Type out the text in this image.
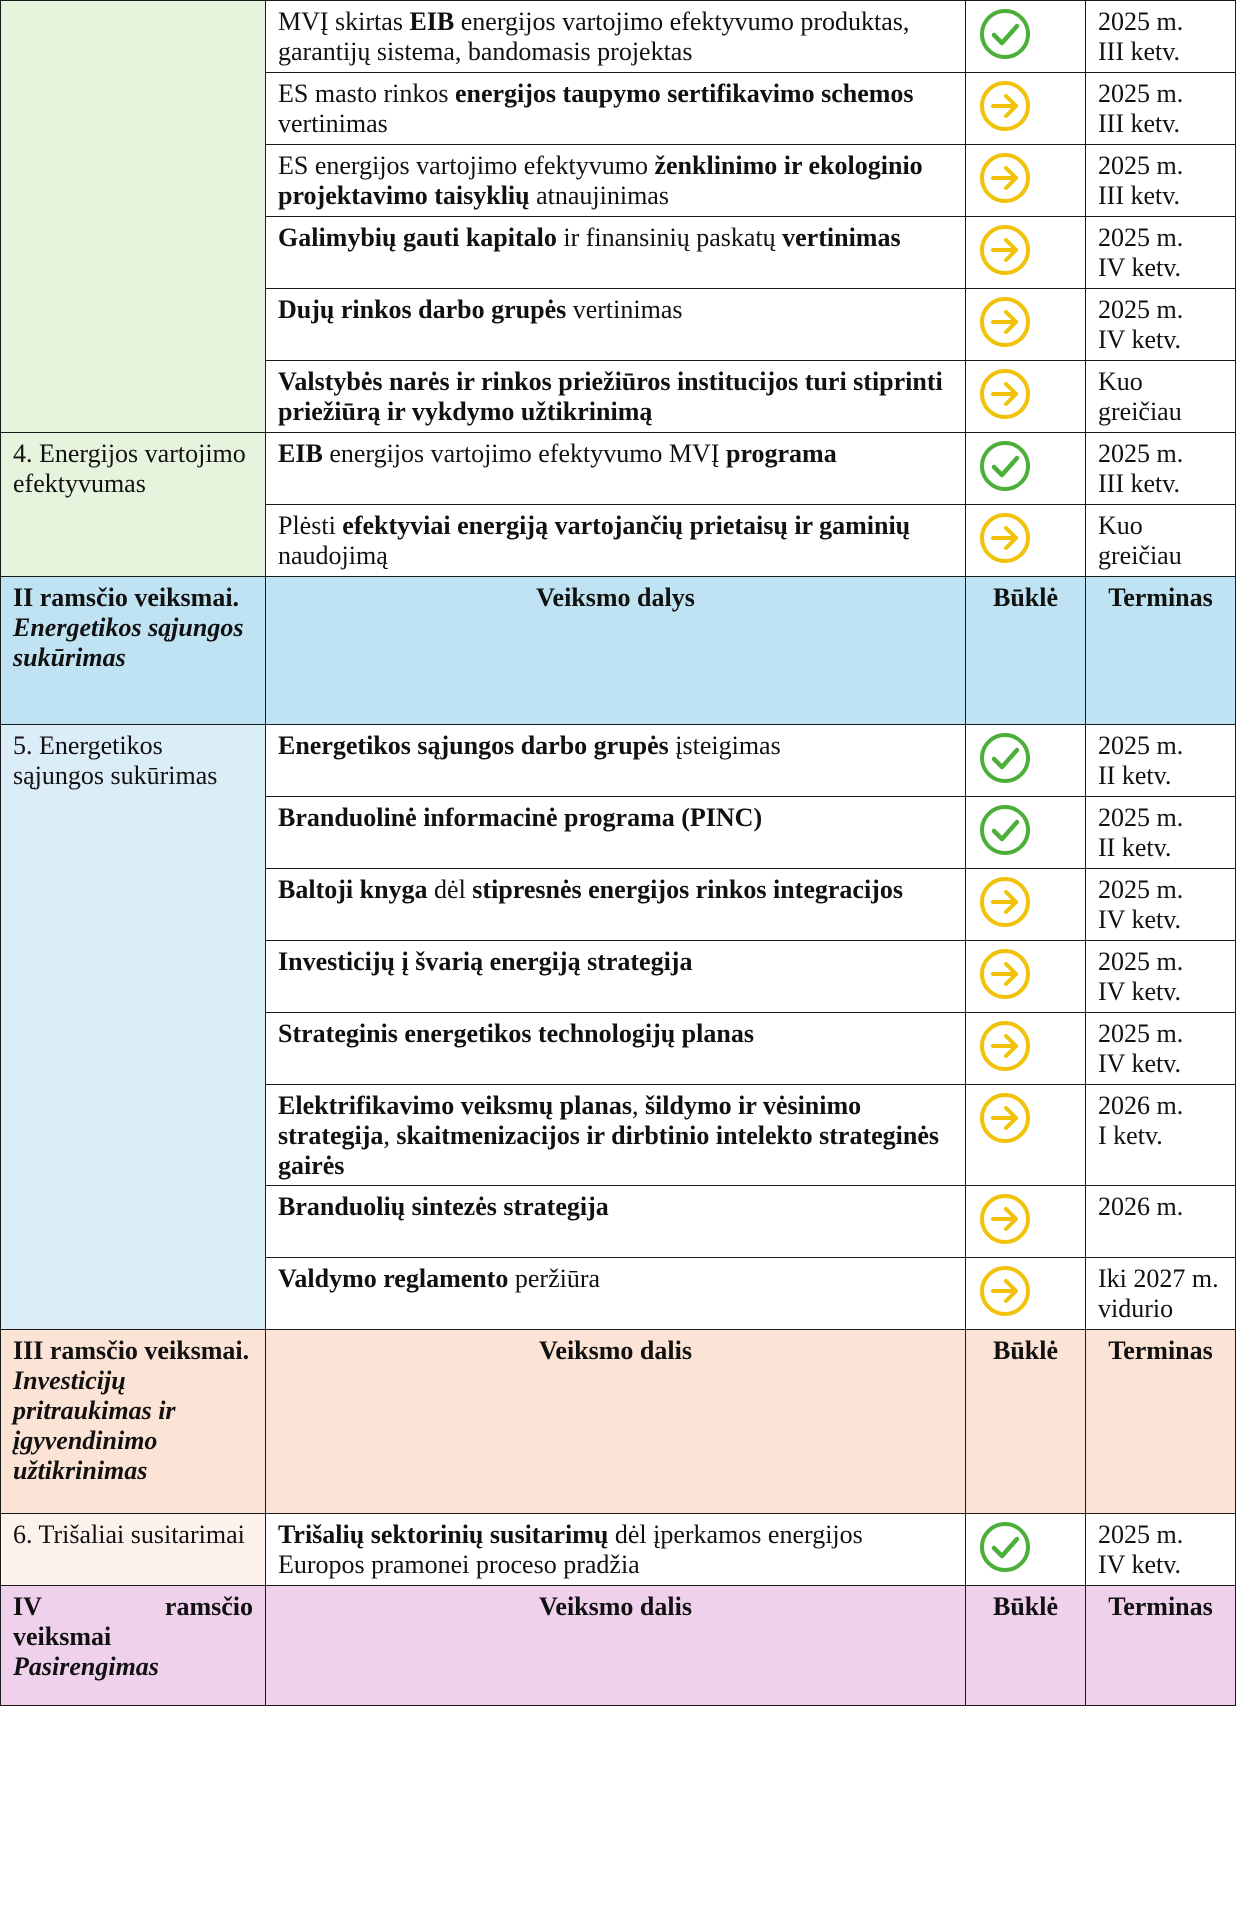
	MVĮ skirtas EIB energijos vartojimo efektyvumo produktas, garantijų sistema, bandomasis projektas		2025 m.
III ketv.
	ES masto rinkos energijos taupymo sertifikavimo schemos vertinimas		2025 m.
III ketv.
	ES energijos vartojimo efektyvumo ženklinimo ir ekologinio projektavimo taisyklių atnaujinimas		2025 m.
III ketv.
	Galimybių gauti kapitalo ir finansinių paskatų vertinimas		2025 m.
IV ketv.
	Dujų rinkos darbo grupės vertinimas		2025 m.
IV ketv.
	Valstybės narės ir rinkos priežiūros institucijos turi stiprinti priežiūrą ir vykdymo užtikrinimą		Kuo
greičiau
4. Energijos vartojimo efektyvumas	EIB energijos vartojimo efektyvumo MVĮ programa		2025 m.
III ketv.
	Plėsti efektyviai energiją vartojančių prietaisų ir gaminių naudojimą		Kuo
greičiau

II ramsčio veiksmai.
Energetikos sąjungos sukūrimas	Veiksmo dalys	Būklė	Terminas
5. Energetikos sąjungos sukūrimas	Energetikos sąjungos darbo grupės įsteigimas		2025 m.
II ketv.
	Branduolinė informacinė programa (PINC)		2025 m.
II ketv.
	Baltoji knyga dėl stipresnės energijos rinkos integracijos		2025 m.
IV ketv.
	Investicijų į švarią energiją strategija		2025 m.
IV ketv.
	Strateginis energetikos technologijų planas		2025 m.
IV ketv.
	Elektrifikavimo veiksmų planas, šildymo ir vėsinimo strategija, skaitmenizacijos ir dirbtinio intelekto strateginės gairės		2026 m.
I ketv.
	Branduolių sintezės strategija		2026 m.

	Valdymo reglamento peržiūra		Iki 2027 m.
vidurio

III ramsčio veiksmai.
Investicijų pritraukimas ir įgyvendinimo užtikrinimas	Veiksmo dalis	Būklė	Terminas
6. Trišaliai susitarimai	Trišalių sektorinių susitarimų dėl įperkamos energijos Europos pramonei proceso pradžia		2025 m.
IV ketv.

IV ramsčio
veiksmai
Pasirengimas	Veiksmo dalis	Būklė	Terminas
